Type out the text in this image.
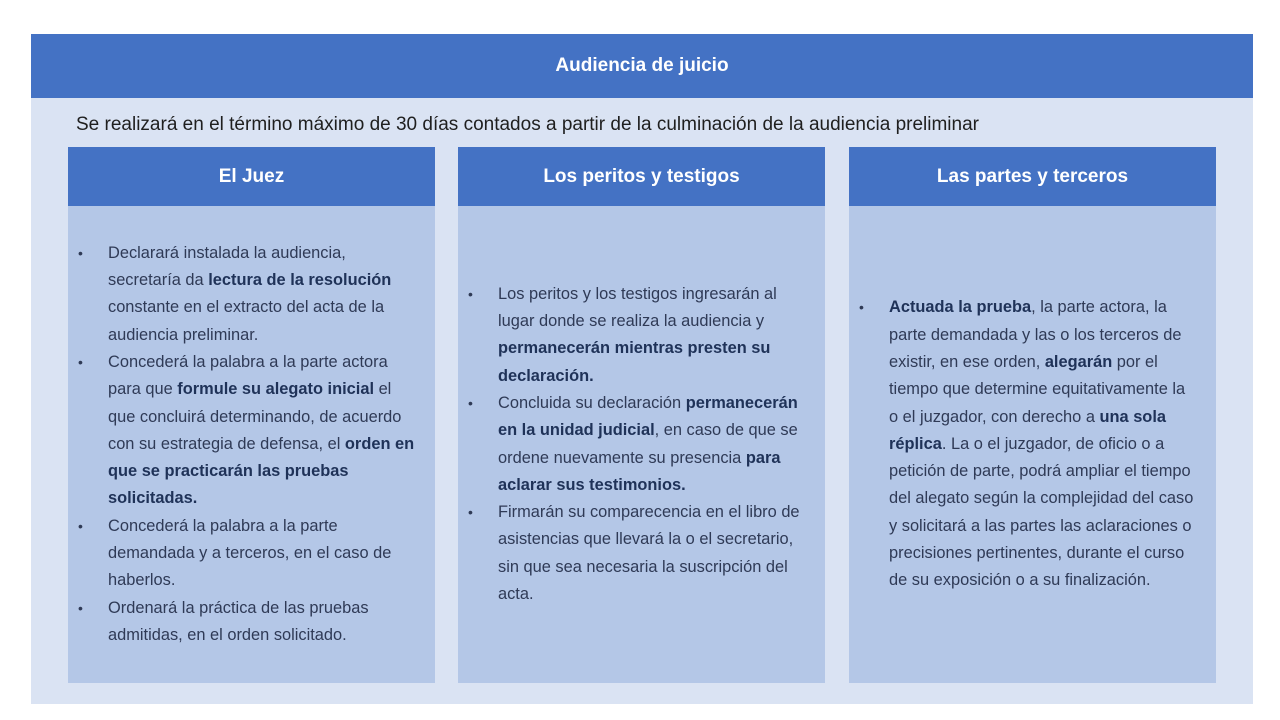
Audiencia de juicio
Se realizará en el término máximo de 30 días contados a partir de la culminación de la audiencia preliminar
El Juez
• Declarará instalada la audiencia, secretaría da lectura de la resolución constante en el extracto del acta de la audiencia preliminar.
• Concederá la palabra a la parte actora para que formule su alegato inicial el que concluirá determinando, de acuerdo con su estrategia de defensa, el orden en que se practicarán las pruebas solicitadas.
• Concederá la palabra a la parte demandada y a terceros, en el caso de haberlos.
• Ordenará la práctica de las pruebas admitidas, en el orden solicitado.
Los peritos y testigos
• Los peritos y los testigos ingresarán al lugar donde se realiza la audiencia y permanecerán mientras presten su declaración.
• Concluida su declaración permanecerán en la unidad judicial, en caso de que se ordene nuevamente su presencia para aclarar sus testimonios.
• Firmarán su comparecencia en el libro de asistencias que llevará la o el secretario, sin que sea necesaria la suscripción del acta.
Las partes y terceros
• Actuada la prueba, la parte actora, la parte demandada y las o los terceros de existir, en ese orden, alegarán por el tiempo que determine equitativamente la o el juzgador, con derecho a una sola réplica. La o el juzgador, de oficio o a petición de parte, podrá ampliar el tiempo del alegato según la complejidad del caso y solicitará a las partes las aclaraciones o precisiones pertinentes, durante el curso de su exposición o a su finalización.
